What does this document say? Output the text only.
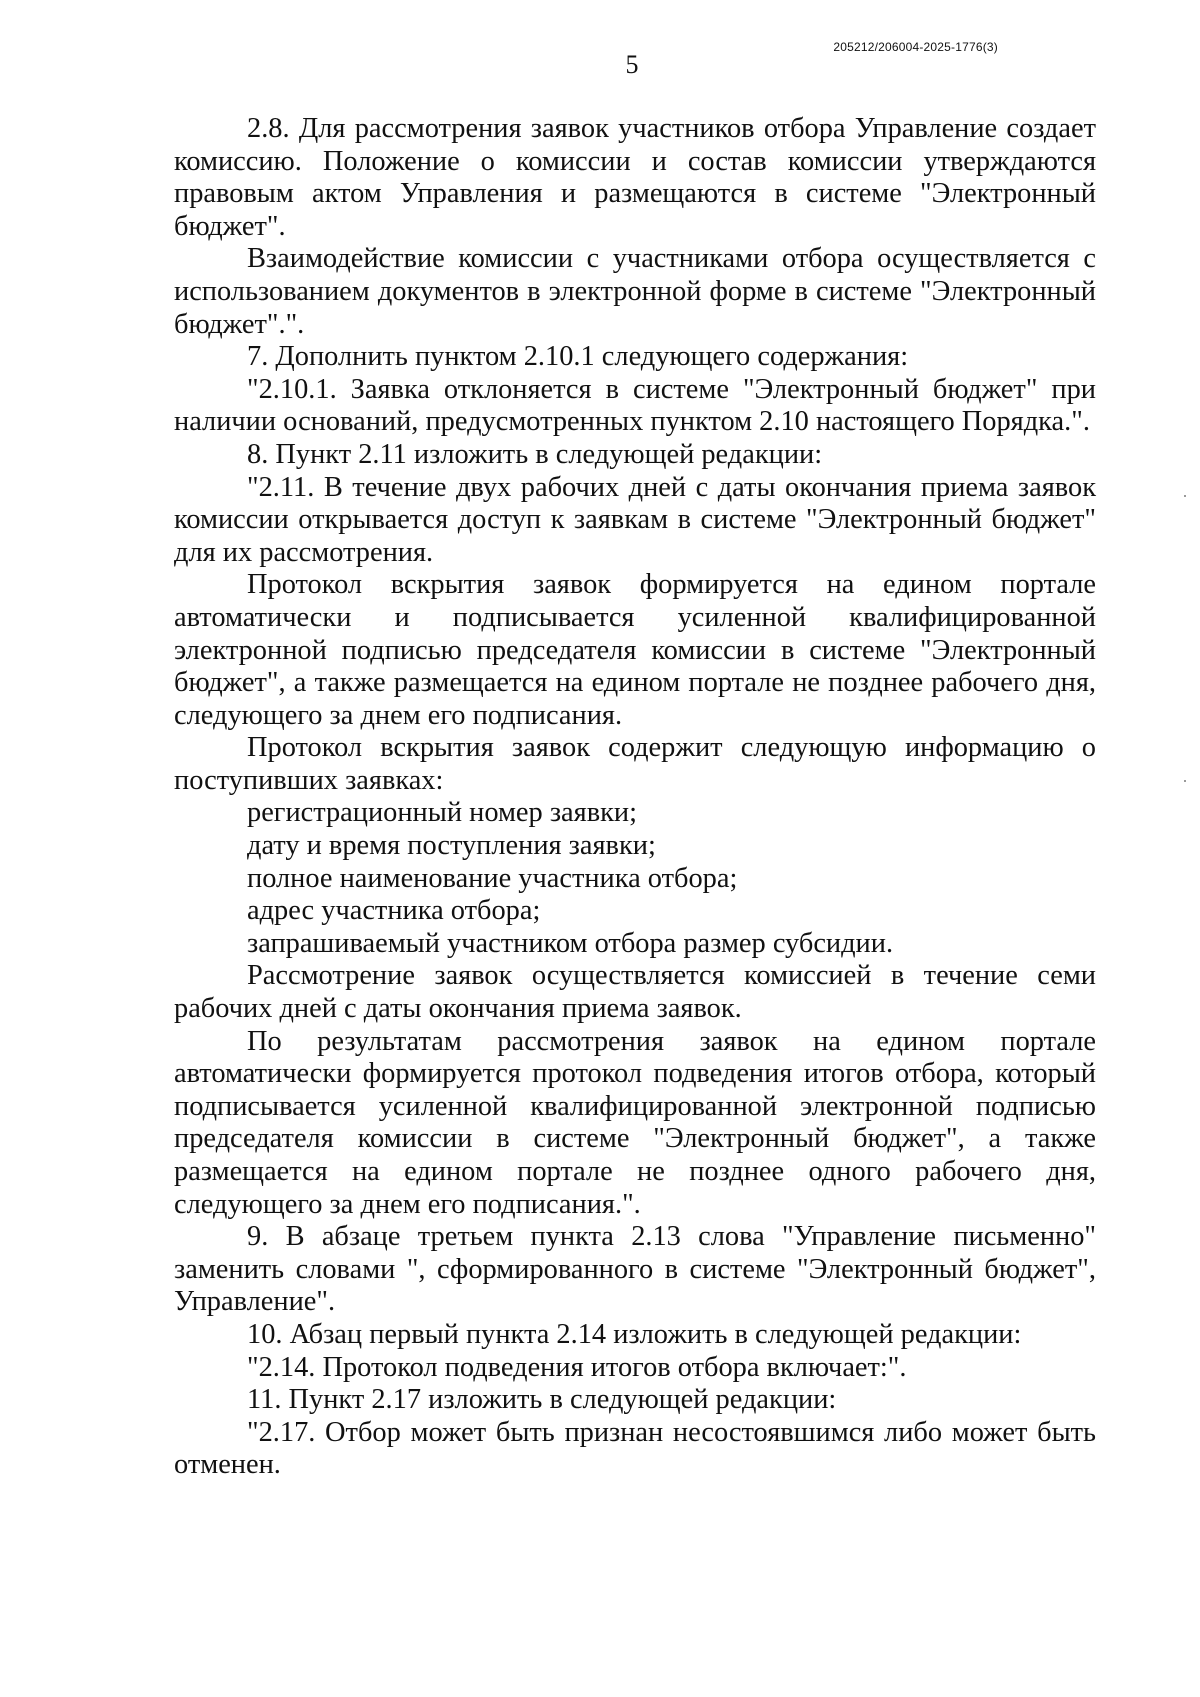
205212/206004-2025-1776(3)
5

2.8. Для рассмотрения заявок участников отбора Управление создает комиссию. Положение о комиссии и состав комиссии утверждаются правовым актом Управления и размещаются в системе "Электронный бюджет".

Взаимодействие комиссии с участниками отбора осуществляется с использованием документов в электронной форме в системе "Электронный бюджет".".

7. Дополнить пунктом 2.10.1 следующего содержания:

"2.10.1. Заявка отклоняется в системе "Электронный бюджет" при наличии оснований, предусмотренных пунктом 2.10 настоящего Порядка.".

8. Пункт 2.11 изложить в следующей редакции:

"2.11. В течение двух рабочих дней с даты окончания приема заявок комиссии открывается доступ к заявкам в системе "Электронный бюджет" для их рассмотрения.

Протокол вскрытия заявок формируется на едином портале автоматически и подписывается усиленной квалифицированной электронной подписью председателя комиссии в системе "Электронный бюджет", а также размещается на едином портале не позднее рабочего дня, следующего за днем его подписания.

Протокол вскрытия заявок содержит следующую информацию о поступивших заявках:

регистрационный номер заявки;

дату и время поступления заявки;

полное наименование участника отбора;

адрес участника отбора;

запрашиваемый участником отбора размер субсидии.

Рассмотрение заявок осуществляется комиссией в течение семи рабочих дней с даты окончания приема заявок.

По результатам рассмотрения заявок на едином портале автоматически формируется протокол подведения итогов отбора, который подписывается усиленной квалифицированной электронной подписью председателя комиссии в системе "Электронный бюджет", а также размещается на едином портале не позднее одного рабочего дня, следующего за днем его подписания.".

9. В абзаце третьем пункта 2.13 слова "Управление письменно" заменить словами ", сформированного в системе "Электронный бюджет", Управление".

10. Абзац первый пункта 2.14 изложить в следующей редакции:

"2.14. Протокол подведения итогов отбора включает:".

11. Пункт 2.17 изложить в следующей редакции:

"2.17. Отбор может быть признан несостоявшимся либо может быть отменен.
